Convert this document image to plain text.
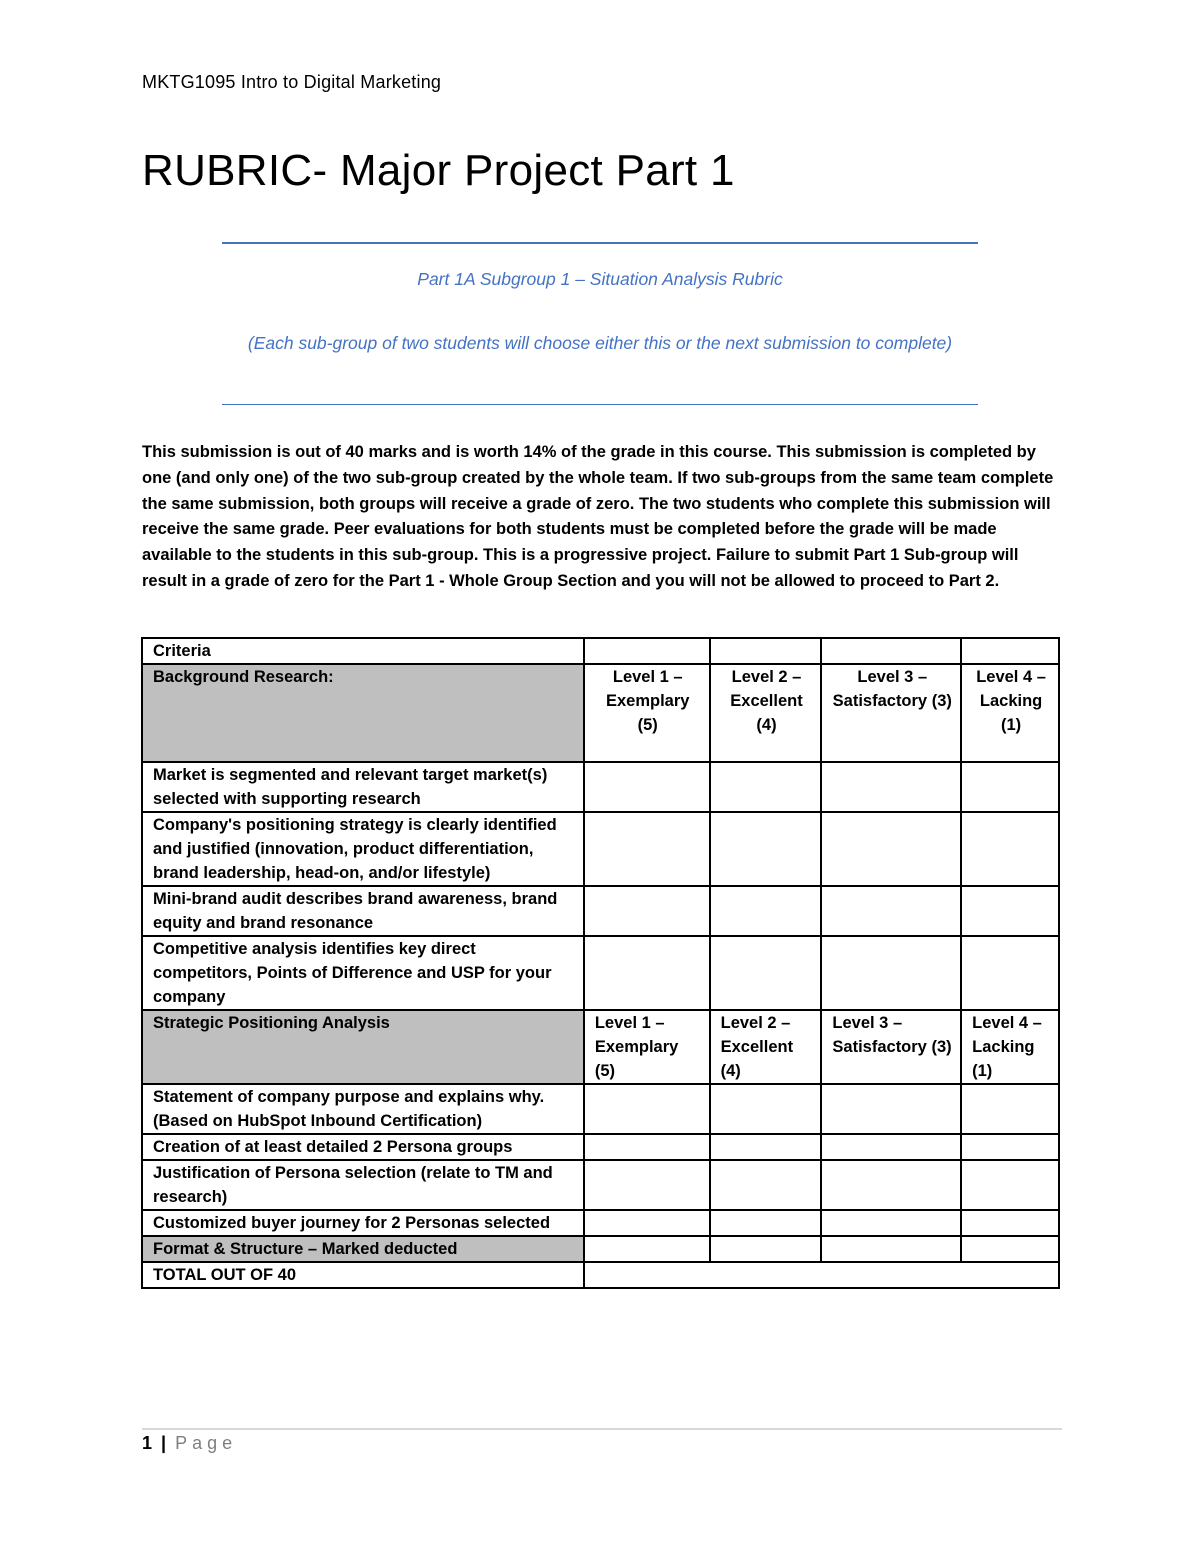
MKTG1095 Intro to Digital Marketing
RUBRIC- Major Project Part 1
Part 1A Subgroup 1 – Situation Analysis Rubric
(Each sub-group of two students will choose either this or the next submission to complete)

This submission is out of 40 marks and is worth 14% of the grade in this course. This submission is completed by one (and only one) of the two sub-group created by the whole team. If two sub-groups from the same team complete the same submission, both groups will receive a grade of zero. The two students who complete this submission will receive the same grade. Peer evaluations for both students must be completed before the grade will be made available to the students in this sub-group. This is a progressive project. Failure to submit Part 1 Sub-group will result in a grade of zero for the Part 1 - Whole Group Section and you will not be allowed to proceed to Part 2.

Criteria				
Background Research:	Level 1 – Exemplary (5)	Level 2 – Excellent (4)	Level 3 – Satisfactory (3)	Level 4 – Lacking (1)
Market is segmented and relevant target market(s) selected with supporting research				
Company's positioning strategy is clearly identified and justified (innovation, product differentiation, brand leadership, head-on, and/or lifestyle)				
Mini-brand audit describes brand awareness, brand equity and brand resonance				
Competitive analysis identifies key direct competitors, Points of Difference and USP for your company				
Strategic Positioning Analysis	Level 1 – Exemplary (5)	Level 2 – Excellent (4)	Level 3 – Satisfactory (3)	Level 4 – Lacking (1)
Statement of company purpose and explains why. (Based on HubSpot Inbound Certification)				
Creation of at least detailed 2 Persona groups				
Justification of Persona selection (relate to TM and research)				
Customized buyer journey for 2 Personas selected				
Format & Structure – Marked deducted				
TOTAL OUT OF 40				
1 | Page
